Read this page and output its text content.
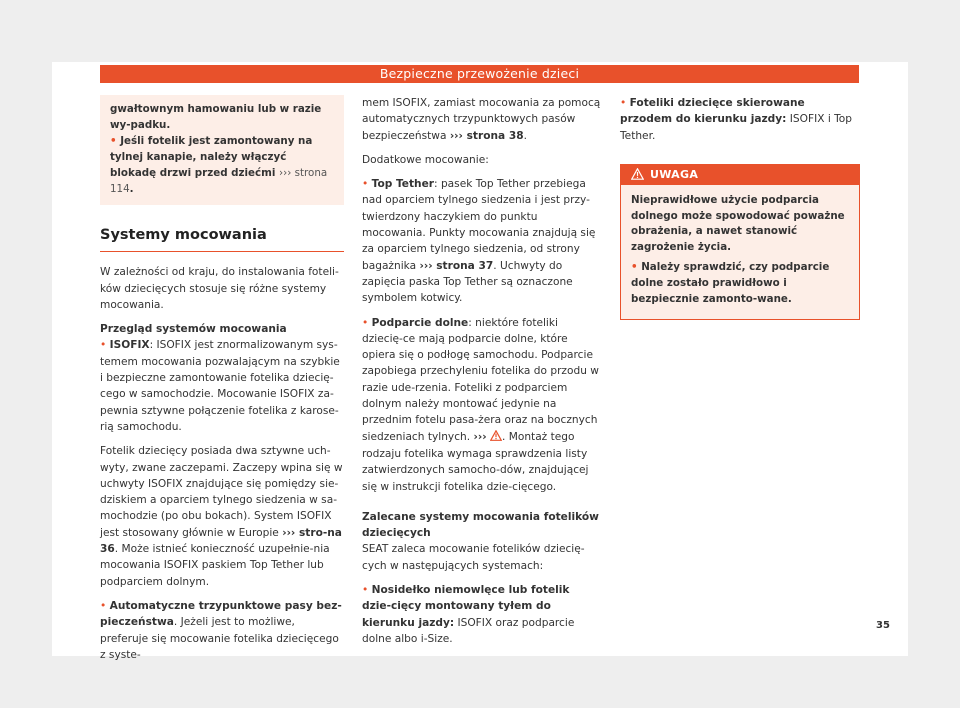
Bezpieczne przewożenie dzieci

gwałtownym hamowaniu lub w razie wy-padku.

• Jeśli fotelik jest zamontowany na tylnej kanapie, należy włączyć blokadę drzwi przed dziećmi ››› strona 114.

Systemy mocowania

W zależności od kraju, do instalowania foteli-ków dziecięcych stosuje się różne systemy mocowania.

Przegląd systemów mocowania

• ISOFIX: ISOFIX jest znormalizowanym sys-temem mocowania pozwalającym na szybkie i bezpieczne zamontowanie fotelika dziecię-cego w samochodzie. Mocowanie ISOFIX za-pewnia sztywne połączenie fotelika z karose-rią samochodu.

Fotelik dziecięcy posiada dwa sztywne uch-wyty, zwane zaczepami. Zaczepy wpina się w uchwyty ISOFIX znajdujące się pomiędzy sie-dziskiem a oparciem tylnego siedzenia w sa-mochodzie (po obu bokach). System ISOFIX jest stosowany głównie w Europie ››› stro-na 36. Może istnieć konieczność uzupełnie-nia mocowania ISOFIX paskiem Top Tether lub podparciem dolnym.

• Automatyczne trzypunktowe pasy bez-pieczeństwa. Jeżeli jest to możliwe, preferuje się mocowanie fotelika dziecięcego z syste-

mem ISOFIX, zamiast mocowania za pomocą automatycznych trzypunktowych pasów bezpieczeństwa ››› strona 38.

Dodatkowe mocowanie:

• Top Tether: pasek Top Tether przebiega nad oparciem tylnego siedzenia i jest przy-twierdzony haczykiem do punktu mocowania. Punkty mocowania znajdują się za oparciem tylnego siedzenia, od strony bagażnika ››› strona 37. Uchwyty do zapięcia paska Top Tether są oznaczone symbolem kotwicy.

• Podparcie dolne: niektóre foteliki dziecię-ce mają podparcie dolne, które opiera się o podłogę samochodu. Podparcie zapobiega przechyleniu fotelika do przodu w razie ude-rzenia. Foteliki z podparciem dolnym należy montować jedynie na przednim fotelu pasa-żera oraz na bocznych siedzeniach tylnych. ››› . Montaż tego rodzaju fotelika wymaga sprawdzenia listy zatwierdzonych samocho-dów, znajdującej się w instrukcji fotelika dzie-cięcego.

Zalecane systemy mocowania fotelików dziecięcych

SEAT zaleca mocowanie fotelików dziecię-cych w następujących systemach:

• Nosidełko niemowlęce lub fotelik dzie-cięcy montowany tyłem do kierunku jazdy: ISOFIX oraz podparcie dolne albo i-Size.

• Foteliki dziecięce skierowane przodem do kierunku jazdy: ISOFIX i Top Tether.

UWAGA

Nieprawidłowe użycie podparcia dolnego może spowodować poważne obrażenia, a nawet stanowić zagrożenie życia.

• Należy sprawdzić, czy podparcie dolne zostało prawidłowo i bezpiecznie zamonto-wane.

35
